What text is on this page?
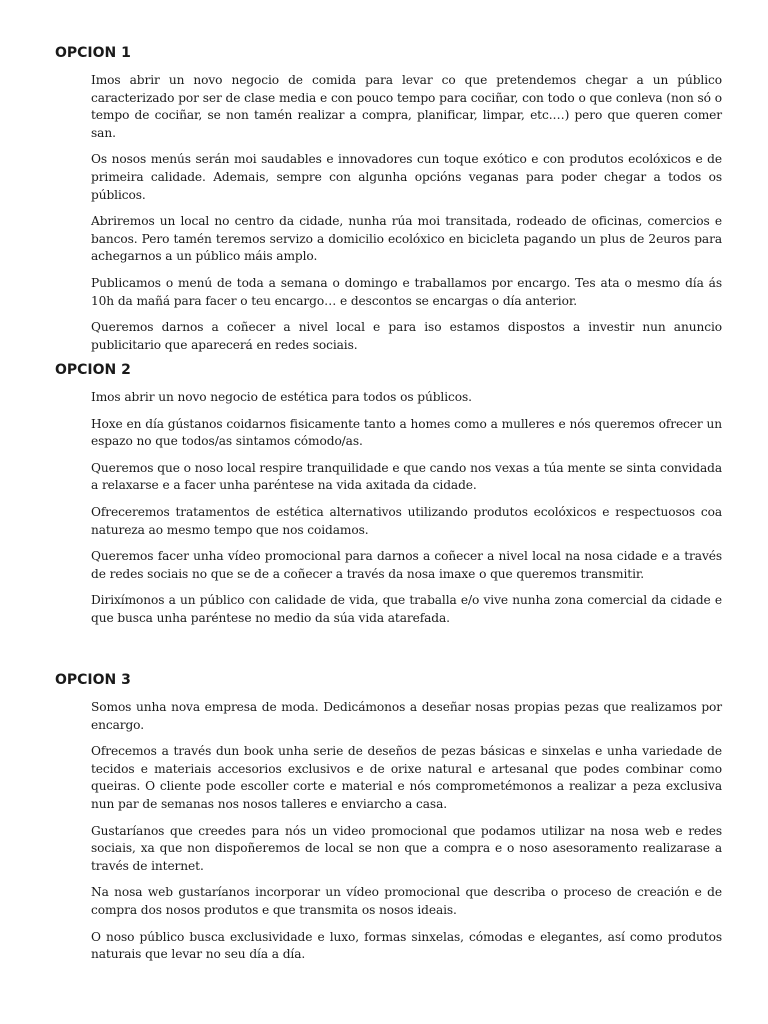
OPCION 1

Imos abrir un novo negocio de comida para levar co que pretendemos chegar a un público caracterizado por ser de clase media e con pouco tempo para cociñar, con todo o que conleva (non só o tempo de cociñar, se non tamén realizar a compra, planificar, limpar, etc.…) pero que queren comer san.

Os nosos menús serán moi saudables e innovadores cun toque exótico e con produtos ecolóxicos e de primeira calidade. Ademais, sempre con algunha opcións veganas para poder chegar a todos os públicos.

Abriremos un local no centro da cidade, nunha rúa moi transitada, rodeado de oficinas, comercios e bancos. Pero tamén teremos servizo a domicilio ecolóxico en bicicleta pagando un plus de 2euros para achegarnos a un público máis amplo.

Publicamos o menú de toda a semana o domingo e traballamos por encargo. Tes ata o mesmo día ás 10h da mañá para facer o teu encargo… e descontos se encargas o día anterior.

Queremos darnos a coñecer a nivel local e para iso estamos dispostos a investir nun anuncio publicitario que aparecerá en redes sociais.

OPCION 2

Imos abrir un novo negocio de estética para todos os públicos.

Hoxe en día gústanos coidarnos fisicamente tanto a homes como a mulleres e nós queremos ofrecer un espazo no que todos/as sintamos cómodo/as.

Queremos que o noso local respire tranquilidade e que cando nos vexas a túa mente se sinta convidada a relaxarse e a facer unha paréntese na vida axitada da cidade.

Ofreceremos tratamentos de estética alternativos utilizando produtos ecolóxicos e respectuosos coa natureza ao mesmo tempo que nos coidamos.

Queremos facer unha vídeo promocional para darnos a coñecer a nivel local na nosa cidade e a través de redes sociais no que se de a coñecer a través da nosa imaxe o que queremos transmitir.

Dirixímonos a un público con calidade de vida, que traballa e/o vive nunha zona comercial da cidade e que busca unha paréntese no medio da súa vida atarefada.

OPCION 3

Somos unha nova empresa de moda. Dedicámonos a deseñar nosas propias pezas que realizamos por encargo.

Ofrecemos a través dun book unha serie de deseños de pezas básicas e sinxelas e unha variedade de tecidos e materiais accesorios exclusivos e de orixe natural e artesanal que podes combinar como queiras. O cliente pode escoller corte e material e nós comprometémonos a realizar a peza exclusiva nun par de semanas nos nosos talleres e enviarcho a casa.

Gustaríanos que creedes para nós un video promocional que podamos utilizar na nosa web e redes sociais, xa que non dispoñeremos de local se non que a compra e o noso asesoramento realizarase a través de internet.

Na nosa web gustaríanos incorporar un vídeo promocional que describa o proceso de creación e de compra dos nosos produtos e que transmita os nosos ideais.

O noso público busca exclusividade e luxo, formas sinxelas, cómodas e elegantes, así como produtos naturais que levar no seu día a día.
